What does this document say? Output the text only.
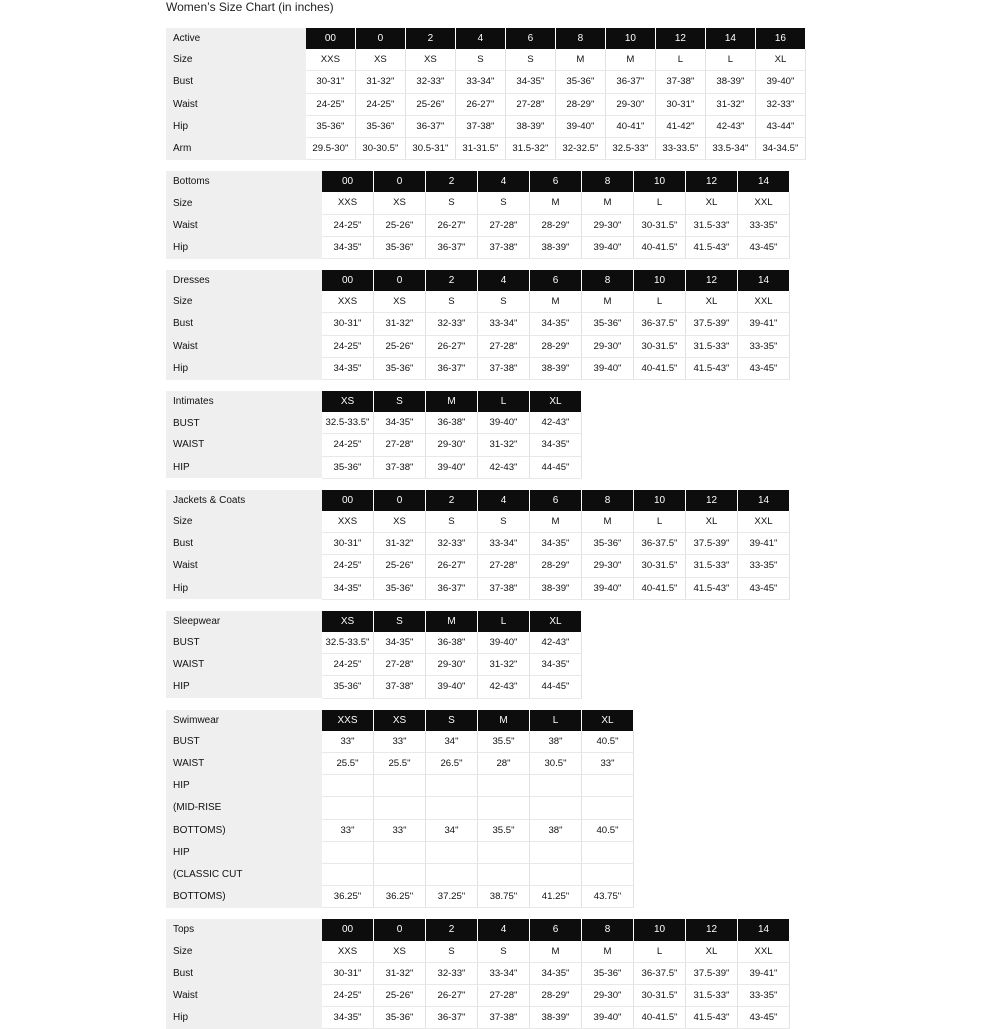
Women’s Size Chart (in inches)
Active	00	0	2	4	6	8	10	12	14	16
Size	XXS	XS	XS	S	S	M	M	L	L	XL
Bust	30-31"	31-32"	32-33"	33-34"	34-35"	35-36"	36-37"	37-38"	38-39"	39-40"
Waist	24-25"	24-25"	25-26"	26-27"	27-28"	28-29"	29-30"	30-31"	31-32"	32-33"
Hip	35-36"	35-36"	36-37"	37-38"	38-39"	39-40"	40-41"	41-42"	42-43"	43-44"
Arm	29.5-30"	30-30.5"	30.5-31"	31-31.5"	31.5-32"	32-32.5"	32.5-33"	33-33.5"	33.5-34"	34-34.5"
Bottoms	00	0	2	4	6	8	10	12	14
Size	XXS	XS	S	S	M	M	L	XL	XXL
Waist	24-25"	25-26"	26-27"	27-28"	28-29"	29-30"	30-31.5"	31.5-33"	33-35"
Hip	34-35"	35-36"	36-37"	37-38"	38-39"	39-40"	40-41.5"	41.5-43"	43-45"
Dresses	00	0	2	4	6	8	10	12	14
Size	XXS	XS	S	S	M	M	L	XL	XXL
Bust	30-31"	31-32"	32-33"	33-34"	34-35"	35-36"	36-37.5"	37.5-39"	39-41"
Waist	24-25"	25-26"	26-27"	27-28"	28-29"	29-30"	30-31.5"	31.5-33"	33-35"
Hip	34-35"	35-36"	36-37"	37-38"	38-39"	39-40"	40-41.5"	41.5-43"	43-45"
Intimates	XS	S	M	L	XL
BUST	32.5-33.5"	34-35"	36-38"	39-40"	42-43"
WAIST	24-25"	27-28"	29-30"	31-32"	34-35"
HIP	35-36"	37-38"	39-40"	42-43"	44-45"
Jackets & Coats	00	0	2	4	6	8	10	12	14
Size	XXS	XS	S	S	M	M	L	XL	XXL
Bust	30-31"	31-32"	32-33"	33-34"	34-35"	35-36"	36-37.5"	37.5-39"	39-41"
Waist	24-25"	25-26"	26-27"	27-28"	28-29"	29-30"	30-31.5"	31.5-33"	33-35"
Hip	34-35"	35-36"	36-37"	37-38"	38-39"	39-40"	40-41.5"	41.5-43"	43-45"
Sleepwear	XS	S	M	L	XL
BUST	32.5-33.5"	34-35"	36-38"	39-40"	42-43"
WAIST	24-25"	27-28"	29-30"	31-32"	34-35"
HIP	35-36"	37-38"	39-40"	42-43"	44-45"
Swimwear	XXS	XS	S	M	L	XL
BUST	33"	33"	34"	35.5"	38"	40.5"
WAIST	25.5"	25.5"	26.5"	28"	30.5"	33"
HIP						
(MID-RISE						
BOTTOMS)	33"	33"	34"	35.5"	38"	40.5"
HIP						
(CLASSIC CUT						
BOTTOMS)	36.25"	36.25"	37.25"	38.75"	41.25"	43.75"
Tops	00	0	2	4	6	8	10	12	14
Size	XXS	XS	S	S	M	M	L	XL	XXL
Bust	30-31"	31-32"	32-33"	33-34"	34-35"	35-36"	36-37.5"	37.5-39"	39-41"
Waist	24-25"	25-26"	26-27"	27-28"	28-29"	29-30"	30-31.5"	31.5-33"	33-35"
Hip	34-35"	35-36"	36-37"	37-38"	38-39"	39-40"	40-41.5"	41.5-43"	43-45"
